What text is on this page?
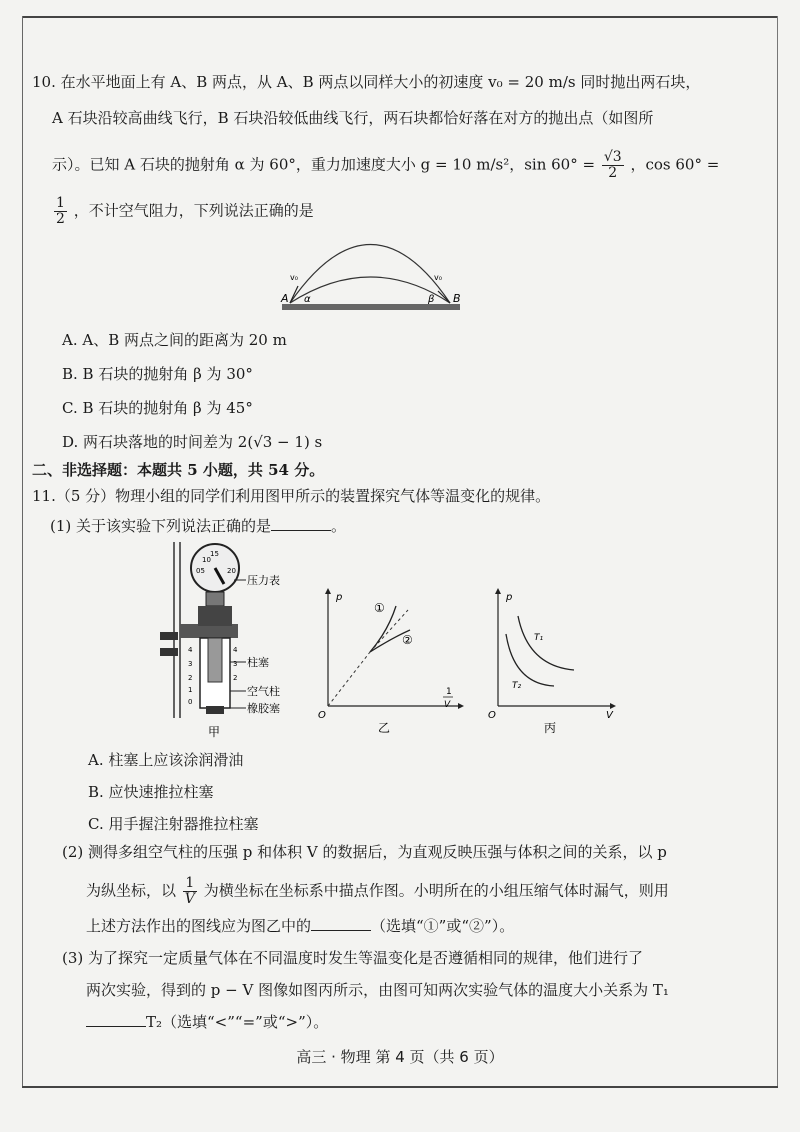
10. 在水平地面上有 A、B 两点，从 A、B 两点以同样大小的初速度 v₀ = 20 m/s 同时抛出两石块，
A 石块沿较高曲线飞行，B 石块沿较低曲线飞行，两石块都恰好落在对方的抛出点（如图所
示）。已知 A 石块的抛射角 α 为 60°，重力加速度大小 g = 10 m/s²，$\sin 60^\circ = \frac{√3}{2}$ ，cos 60° =
$\frac{1}{2}$ ，不计空气阻力，下列说法正确的是
v₀	v₀
A	B
α	β
A. A、B 两点之间的距离为 20 m
B. B 石块的抛射角 β 为 30°
C. B 石块的抛射角 β 为 45°
D. 两石块落地的时间差为 2(√3 − 1) s
二、非选择题：本题共 5 小题，共 54 分。
11.（5 分）物理小组的同学们利用图甲所示的装置探究气体等温变化的规律。
(1) 关于该实验下列说法正确的是	。
05
15
20
10
4
3
2
1
0
4
3
2
压力表
柱塞
空气柱
橡胶塞
甲
p
O
1
V
①
②
乙
p
O	V
T₁
T₂
丙
A. 柱塞上应该涂润滑油
B. 应快速推拉柱塞
C. 用手握注射器推拉柱塞
(2) 测得多组空气柱的压强 p 和体积 V 的数据后，为直观反映压强与体积之间的关系，以 p
为纵坐标，以 $\frac{1}{V}$ 为横坐标在坐标系中描点作图。小明所在的小组压缩气体时漏气，则用
上述方法作出的图线应为图乙中的	（选填“①”或“②”）。
(3) 为了探究一定质量气体在不同温度时发生等温变化是否遵循相同的规律，他们进行了
两次实验，得到的 p − V 图像如图丙所示，由图可知两次实验气体的温度大小关系为 T₁
T₂（选填“<”“=”或“>”）。
高三 · 物理 第 4 页（共 6 页）
